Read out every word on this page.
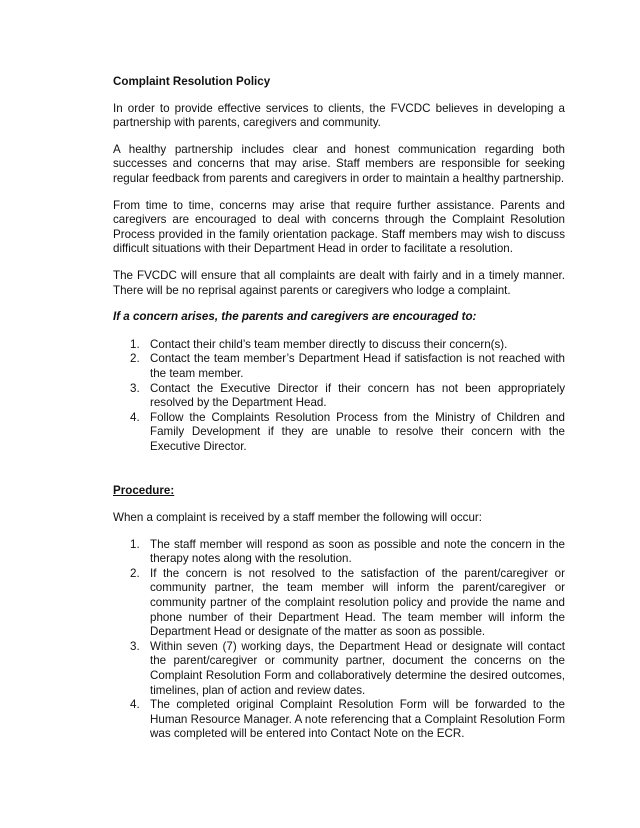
Complaint Resolution Policy

In order to provide effective services to clients, the FVCDC believes in developing a partnership with parents, caregivers and community.

A healthy partnership includes clear and honest communication regarding both successes and concerns that may arise. Staff members are responsible for seeking regular feedback from parents and caregivers in order to maintain a healthy partnership.

From time to time, concerns may arise that require further assistance. Parents and caregivers are encouraged to deal with concerns through the Complaint Resolution Process provided in the family orientation package. Staff members may wish to discuss difficult situations with their Department Head in order to facilitate a resolution.

The FVCDC will ensure that all complaints are dealt with fairly and in a timely manner. There will be no reprisal against parents or caregivers who lodge a complaint.

If a concern arises, the parents and caregivers are encouraged to:

1. Contact their child’s team member directly to discuss their concern(s).
2. Contact the team member’s Department Head if satisfaction is not reached with the team member.
3. Contact the Executive Director if their concern has not been appropriately resolved by the Department Head.
4. Follow the Complaints Resolution Process from the Ministry of Children and Family Development if they are unable to resolve their concern with the Executive Director.

Procedure:

When a complaint is received by a staff member the following will occur:

1. The staff member will respond as soon as possible and note the concern in the therapy notes along with the resolution.
2. If the concern is not resolved to the satisfaction of the parent/caregiver or community partner, the team member will inform the parent/caregiver or community partner of the complaint resolution policy and provide the name and phone number of their Department Head. The team member will inform the Department Head or designate of the matter as soon as possible.
3. Within seven (7) working days, the Department Head or designate will contact the parent/caregiver or community partner, document the concerns on the Complaint Resolution Form and collaboratively determine the desired outcomes, timelines, plan of action and review dates.
4. The completed original Complaint Resolution Form will be forwarded to the Human Resource Manager. A note referencing that a Complaint Resolution Form was completed will be entered into Contact Note on the ECR.
